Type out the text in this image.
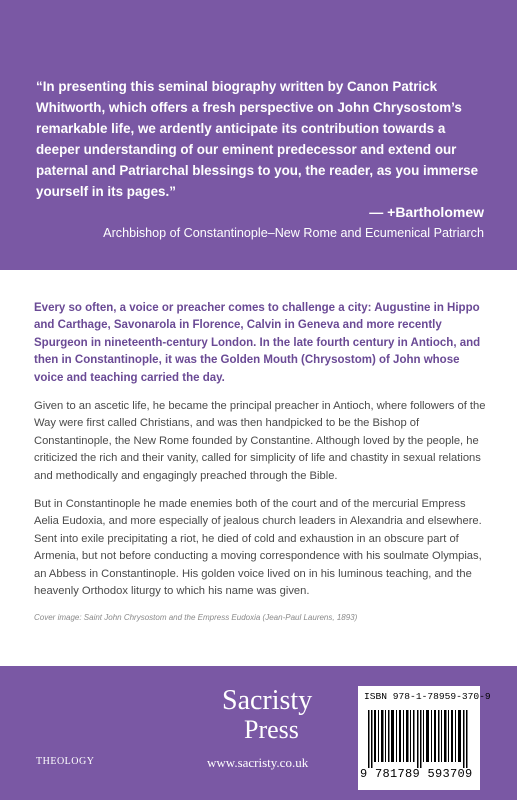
“In presenting this seminal biography written by Canon Patrick Whitworth, which offers a fresh perspective on John Chrysostom’s remarkable life, we ardently anticipate its contribution towards a deeper understanding of our eminent predecessor and extend our paternal and Patriarchal blessings to you, the reader, as you immerse yourself in its pages.”

— +Bartholomew

Archbishop of Constantinople–New Rome and Ecumenical Patriarch

Every so often, a voice or preacher comes to challenge a city: Augustine in Hippo and Carthage, Savonarola in Florence, Calvin in Geneva and more recently Spurgeon in nineteenth-century London. In the late fourth century in Antioch, and then in Constantinople, it was the Golden Mouth (Chrysostom) of John whose voice and teaching carried the day.

Given to an ascetic life, he became the principal preacher in Antioch, where followers of the Way were first called Christians, and was then handpicked to be the Bishop of Constantinople, the New Rome founded by Constantine. Although loved by the people, he criticized the rich and their vanity, called for simplicity of life and chastity in sexual relations and methodically and engagingly preached through the Bible.

But in Constantinople he made enemies both of the court and of the mercurial Empress Aelia Eudoxia, and more especially of jealous church leaders in Alexandria and elsewhere. Sent into exile precipitating a riot, he died of cold and exhaustion in an obscure part of Armenia, but not before conducting a moving correspondence with his soulmate Olympias, an Abbess in Constantinople. His golden voice lived on in his luminous teaching, and the heavenly Orthodox liturgy to which his name was given.

Cover image: Saint John Chrysostom and the Empress Eudoxia (Jean-Paul Laurens, 1893)

Sacristy
Press
THEOLOGY	www.sacristy.co.uk
ISBN 978-1-78959-370-9
9 781789 593709
